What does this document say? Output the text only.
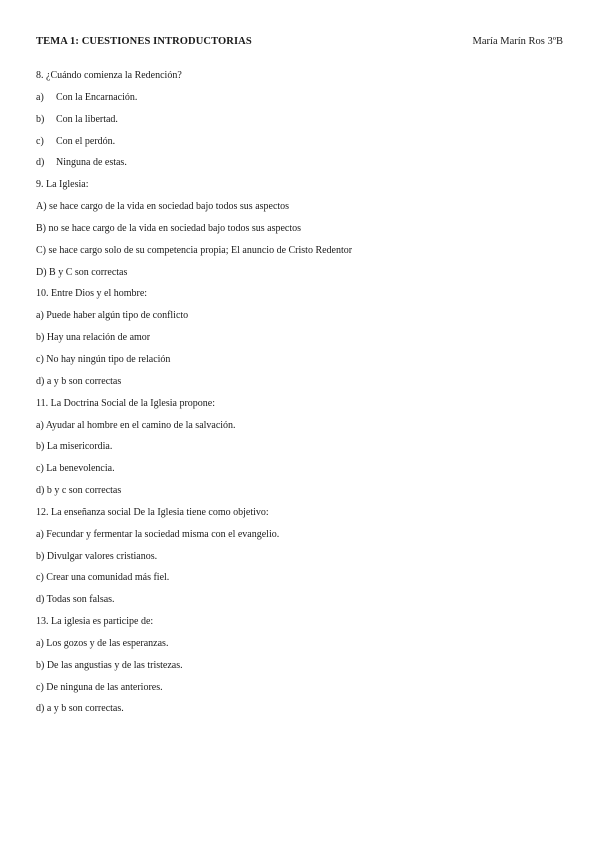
TEMA 1: CUESTIONES INTRODUCTORIAS	María Marín Ros 3ºB
8. ¿Cuándo comienza la Redención?
a) Con la Encarnación.
b) Con la libertad.
c) Con el perdón.
d) Ninguna de estas.
9. La Iglesia:
A) se hace cargo de la vida en sociedad bajo todos sus aspectos
B) no se hace cargo de la vida en sociedad bajo todos sus aspectos
C) se hace cargo solo de su competencia propia; El anuncio de Cristo Redentor
D) B y C son correctas
10. Entre Dios y el hombre:
a) Puede haber algún tipo de conflicto
b) Hay una relación de amor
c) No hay ningún tipo de relación
d) a y b son correctas
11. La Doctrina Social de la Iglesia propone:
a) Ayudar al hombre en el camino de la salvación.
b) La misericordia.
c) La benevolencia.
d) b y c son correctas
12. La enseñanza social De la Iglesia tiene como objetivo:
a) Fecundar y fermentar la sociedad misma con el evangelio.
b) Divulgar valores cristianos.
c) Crear una comunidad más fiel.
d) Todas son falsas.
13. La iglesia es participe de:
a) Los gozos y de las esperanzas.
b) De las angustias y de las tristezas.
c) De ninguna de las anteriores.
d) a y b son correctas.
